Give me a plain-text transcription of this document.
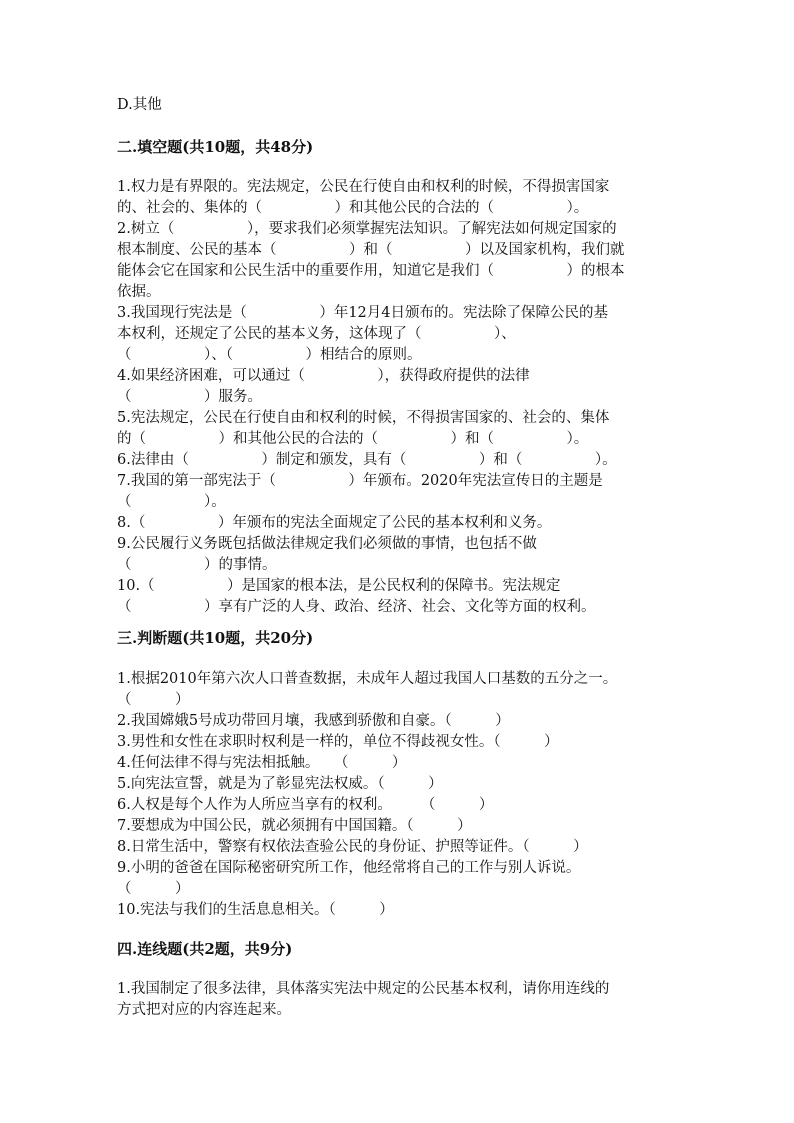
D.其他
二.填空题(共10题，共48分)
1.权力是有界限的。宪法规定，公民在行使自由和权利的时候，不得损害国家
的、社会的、集体的（　　　　　）和其他公民的合法的（　　　　　）。
2.树立（　　　　　），要求我们必须掌握宪法知识。了解宪法如何规定国家的
根本制度、公民的基本（　　　　　）和（　　　　　）以及国家机构，我们就
能体会它在国家和公民生活中的重要作用，知道它是我们（　　　　　）的根本
依据。
3.我国现行宪法是（　　　　　）年12月4日颁布的。宪法除了保障公民的基
本权利，还规定了公民的基本义务，这体现了（　　　　　）、
（　　　　　）、（　　　　　）相结合的原则。
4.如果经济困难，可以通过（　　　　　），获得政府提供的法律
（　　　　　）服务。
5.宪法规定，公民在行使自由和权利的时候，不得损害国家的、社会的、集体
的（　　　　　）和其他公民的合法的（　　　　　）和（　　　　　）。
6.法律由（　　　　　）制定和颁发，具有（　　　　　）和（　　　　　）。
7.我国的第一部宪法于（　　　　　）年颁布。2020年宪法宣传日的主题是
（　　　　　）。
8.（　　　　　）年颁布的宪法全面规定了公民的基本权利和义务。
9.公民履行义务既包括做法律规定我们必须做的事情，也包括不做
（　　　　　）的事情。
10.（　　　　　）是国家的根本法，是公民权利的保障书。宪法规定
（　　　　　）享有广泛的人身、政治、经济、社会、文化等方面的权利。
三.判断题(共10题，共20分)
1.根据2010年第六次人口普查数据，未成年人超过我国人口基数的五分之一。
（　　　）
2.我国嫦娥5号成功带回月壤，我感到骄傲和自豪。（　　　）
3.男性和女性在求职时权利是一样的，单位不得歧视女性。（　　　）
4.任何法律不得与宪法相抵触。　　（　　　）
5.向宪法宣誓，就是为了彰显宪法权威。（　　　）
6.人权是每个人作为人所应当享有的权利。　　　（　　　）
7.要想成为中国公民，就必须拥有中国国籍。（　　　）
8.日常生活中，警察有权依法查验公民的身份证、护照等证件。（　　　）
9.小明的爸爸在国际秘密研究所工作，他经常将自己的工作与别人诉说。
（　　　）
10.宪法与我们的生活息息相关。（　　　）
四.连线题(共2题，共9分)
1.我国制定了很多法律，具体落实宪法中规定的公民基本权利，请你用连线的
方式把对应的内容连起来。
